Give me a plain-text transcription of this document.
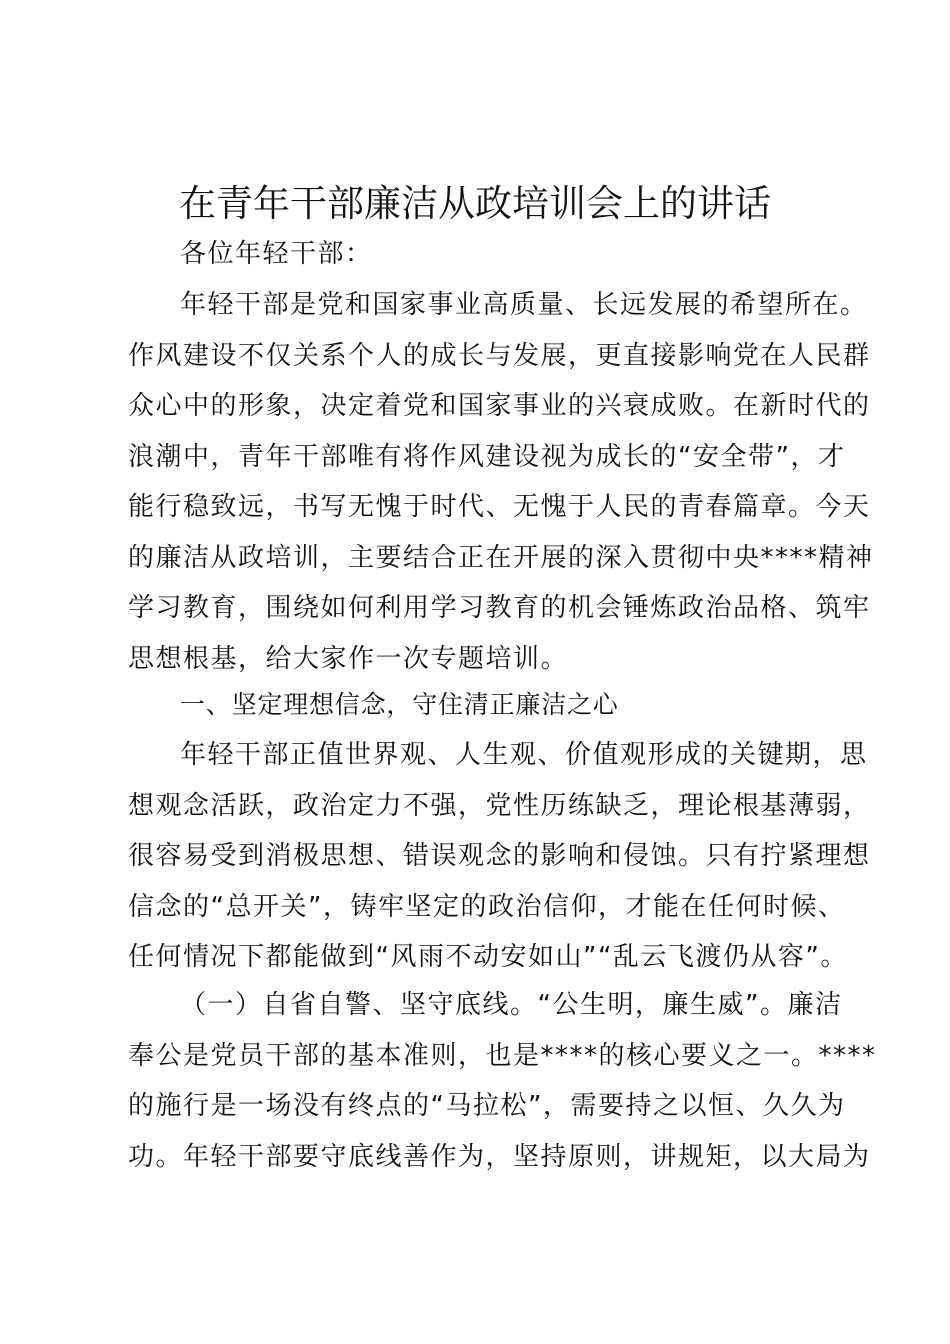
在青年干部廉洁从政培训会上的讲话

各位年轻干部：

年轻干部是党和国家事业高质量、长远发展的希望所在。
作风建设不仅关系个人的成长与发展，更直接影响党在人民群
众心中的形象，决定着党和国家事业的兴衰成败。在新时代的
浪潮中，青年干部唯有将作风建设视为成长的“安全带”，才
能行稳致远，书写无愧于时代、无愧于人民的青春篇章。今天
的廉洁从政培训，主要结合正在开展的深入贯彻中央****精神
学习教育，围绕如何利用学习教育的机会锤炼政治品格、筑牢
思想根基，给大家作一次专题培训。

一、坚定理想信念，守住清正廉洁之心

年轻干部正值世界观、人生观、价值观形成的关键期，思
想观念活跃，政治定力不强，党性历练缺乏，理论根基薄弱，
很容易受到消极思想、错误观念的影响和侵蚀。只有拧紧理想
信念的“总开关”，铸牢坚定的政治信仰，才能在任何时候、
任何情况下都能做到“风雨不动安如山”“乱云飞渡仍从容”。
（一）自省自警、坚守底线。“公生明，廉生威”。廉洁
奉公是党员干部的基本准则，也是****的核心要义之一。****
的施行是一场没有终点的“马拉松”，需要持之以恒、久久为
功。年轻干部要守底线善作为，坚持原则，讲规矩，以大局为
